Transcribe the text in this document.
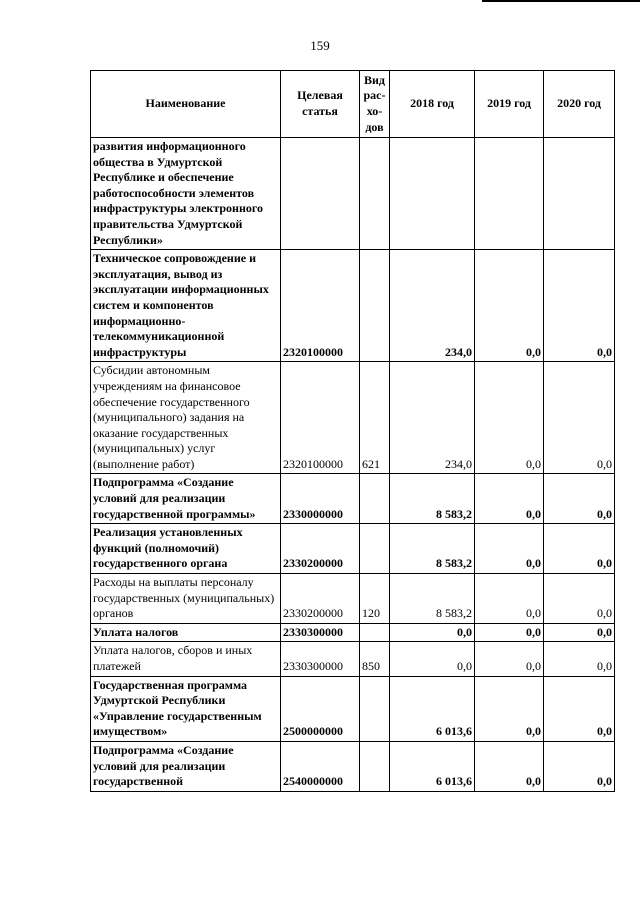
159
Наименование	Целевая статья	Вид рас-хо-дов	2018 год	2019 год	2020 год
развития информационного общества в Удмуртской Республике и обеспечение работоспособности элементов инфраструктуры электронного правительства Удмуртской Республики»					
Техническое сопровождение и эксплуатация, вывод из эксплуатации информационных систем и компонентов информационно-телекоммуникационной инфраструктуры	2320100000		234,0	0,0	0,0
Субсидии автономным учреждениям на финансовое обеспечение государственного (муниципального) задания на оказание государственных (муниципальных) услуг (выполнение работ)	2320100000	621	234,0	0,0	0,0
Подпрограмма «Создание условий для реализации государственной программы»	2330000000		8 583,2	0,0	0,0
Реализация установленных функций (полномочий) государственного органа	2330200000		8 583,2	0,0	0,0
Расходы на выплаты персоналу государственных (муниципальных) органов	2330200000	120	8 583,2	0,0	0,0
Уплата налогов	2330300000		0,0	0,0	0,0
Уплата налогов, сборов и иных платежей	2330300000	850	0,0	0,0	0,0
Государственная программа Удмуртской Республики «Управление государственным имуществом»	2500000000		6 013,6	0,0	0,0
Подпрограмма «Создание условий для реализации государственной	2540000000		6 013,6	0,0	0,0
